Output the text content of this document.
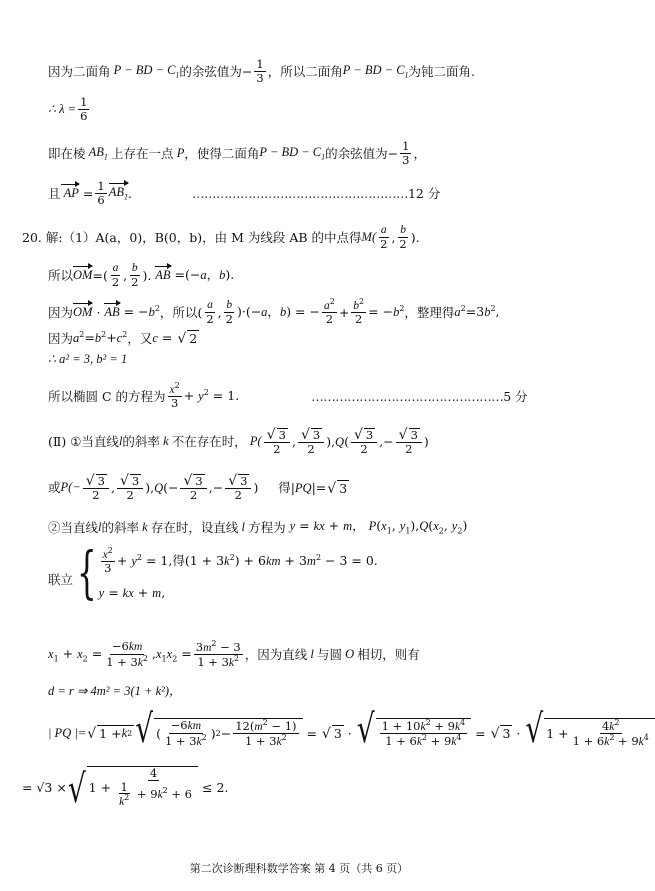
因为二面角 P − BD − $C_1$ 的余弦值为 − $\frac{1}{3}$ ，所以二面角 P − BD − $C_1$ 为钝二面角.
∴ $\lambda = \frac{1}{6}$
即在棱 $AB_1$ 上存在一点 P ，使得二面角 P − BD − $C_1$ 的余弦值为 − $\frac{1}{3}$ ，
且 AP = $\frac{1}{6} AB_1$ .	……………………………………………… 12 分
20. 解:（1） A(a，0)，B(0，b)，由 M 为线段 AB 的中点得 $M( \frac{a}{2}$ , $\frac{b}{2}$ ).
所以 OM =( $\frac{a}{2}$ , $\frac{b}{2}$ ). AB =(−a，b).
因为 OM · AB = $-b^2$ ，所以 ( $\frac{a}{2}$ , $\frac{b}{2} )\cdot(-a$，b) = − $\frac{a^2}{2} + \frac{b^2}{2} = -b^2$ ，整理得 $a^2=3b^2$,
因为 $a^2=b^2+c^2$ ，又 c = √ 2
∴ a² = 3, b² = 1
所以椭圆 C 的方程为 $\frac{x^2}{3} + y^2 = 1$.	………………………………………… 5 分
(Ⅱ) ①当直线 l 的斜率 k 不在存在时， $P( \frac{√ 3}{2}$ , $\frac{√ 3}{2} ),Q( \frac{√ 3}{2}$ ,− $\frac{√ 3}{2}$ )
或 $P(- \frac{√ 3}{2}$ , $\frac{√ 3}{2} ),Q(- \frac{√ 3}{2}$ ,− $\frac{√ 3}{2}$ ) 得 |PQ|= √ 3
②当直线 l 的斜率 k 存在时，设直线 l 方程为 y = kx + m， $P(x_1$, $y_1),Q(x_2$, $y_2$)
联立 { $\frac{x^2}{3} + y^2 = 1$, 得 $(1 + 3k^2) + 6km + 3m^2 - 3 = 0$.
y = kx + m,
$x_1 + x_2 = \frac{-6km}{1 + 3k^2} ,x_1x_2 = \frac{3m^2 - 3}{1 + 3k^2}$ ，因为直线 l 与圆 O 相切，则有
d = r ⇒ 4m² = 3(1 + k²)，
| PQ |= √ 1 + k 2 √ ( $\frac{-6km}{1 + 3k^2}$ ) $2 - \frac{12(m^2 - 1)}{1 + 3k^2}$ = √ 3 · √ $\frac{1 + 10k^2 + 9k^4}{1 + 6k^2 + 9k^4}$ = √ 3 · √ $1 + \frac{4k^2}{1 + 6k^2 + 9k^4}$
= √3 × √ $1 + \frac{4}{\frac{1}{k^2} + 9k^2 + 6} \le 2$.
第二次诊断理科数学答案 第 4 页（共 6 页）
